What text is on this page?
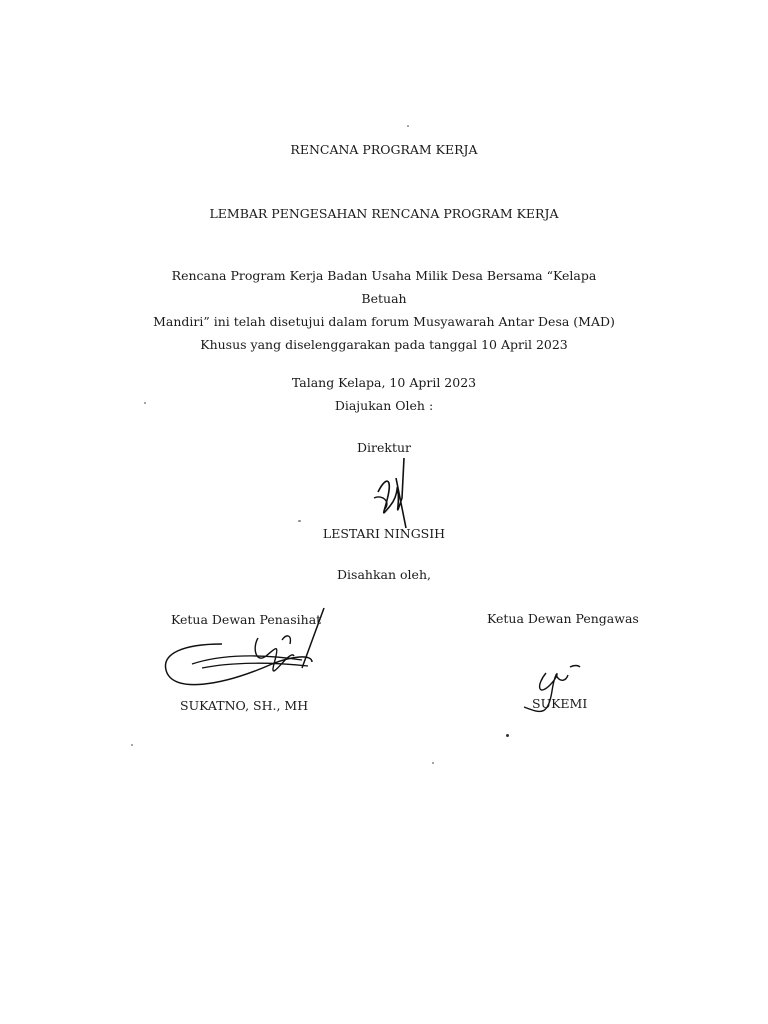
RENCANA PROGRAM KERJA
LEMBAR PENGESAHAN RENCANA PROGRAM KERJA
Rencana Program Kerja Badan Usaha Milik Desa Bersama “Kelapa Betuah
Mandiri” ini telah disetujui dalam forum Musyawarah Antar Desa (MAD)
Khusus yang diselenggarakan pada tanggal 10 April 2023
Talang Kelapa, 10 April 2023
Diajukan Oleh :
Direktur
LESTARI NINGSIH
Disahkan oleh,
Ketua Dewan Penasihat	Ketua Dewan Pengawas
SUKATNO, SH., MH	SUKEMI
